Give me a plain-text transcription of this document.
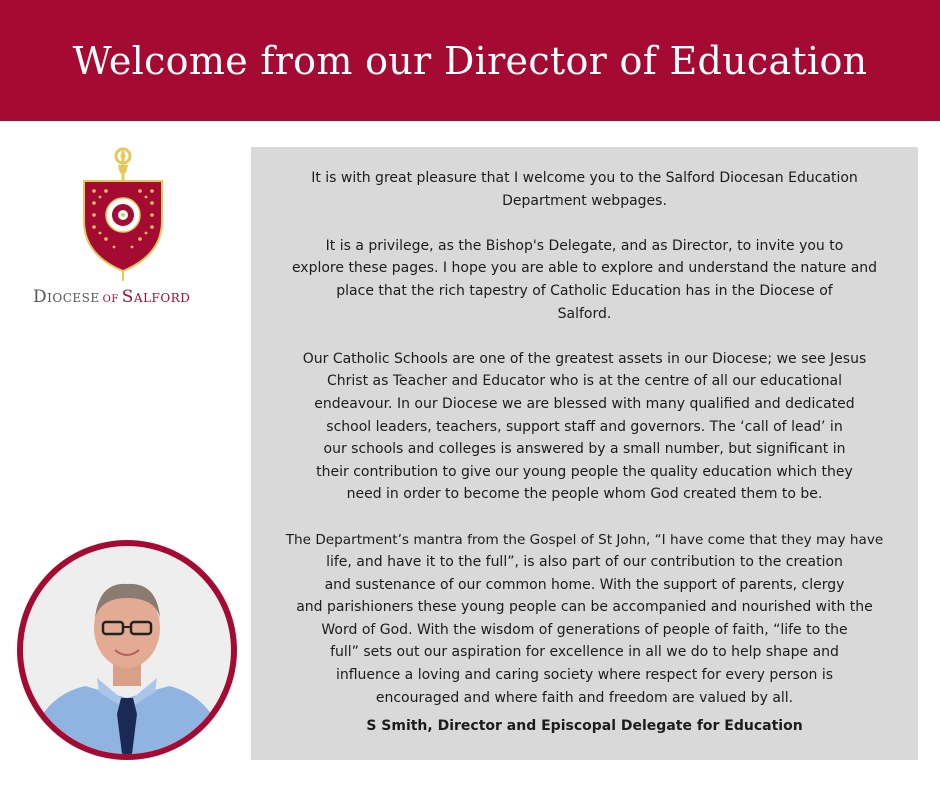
Welcome from our Director of Education
Diocese OF Salford

It is with great pleasure that I welcome you to the Salford Diocesan Education
Department webpages.

It is a privilege, as the Bishop's Delegate, and as Director, to invite you to
explore these pages. I hope you are able to explore and understand the nature and
place that the rich tapestry of Catholic Education has in the Diocese of
Salford.

Our Catholic Schools are one of the greatest assets in our Diocese; we see Jesus
Christ as Teacher and Educator who is at the centre of all our educational
endeavour. In our Diocese we are blessed with many qualified and dedicated
school leaders, teachers, support staff and governors. The ‘call of lead’ in
our schools and colleges is answered by a small number, but significant in
their contribution to give our young people the quality education which they
need in order to become the people whom God created them to be.

The Department’s mantra from the Gospel of St John, “I have come that they may have
life, and have it to the full”, is also part of our contribution to the creation
and sustenance of our common home. With the support of parents, clergy
and parishioners these young people can be accompanied and nourished with the
Word of God. With the wisdom of generations of people of faith, “life to the
full” sets out our aspiration for excellence in all we do to help shape and
influence a loving and caring society where respect for every person is
encouraged and where faith and freedom are valued by all.

S Smith, Director and Episcopal Delegate for Education
